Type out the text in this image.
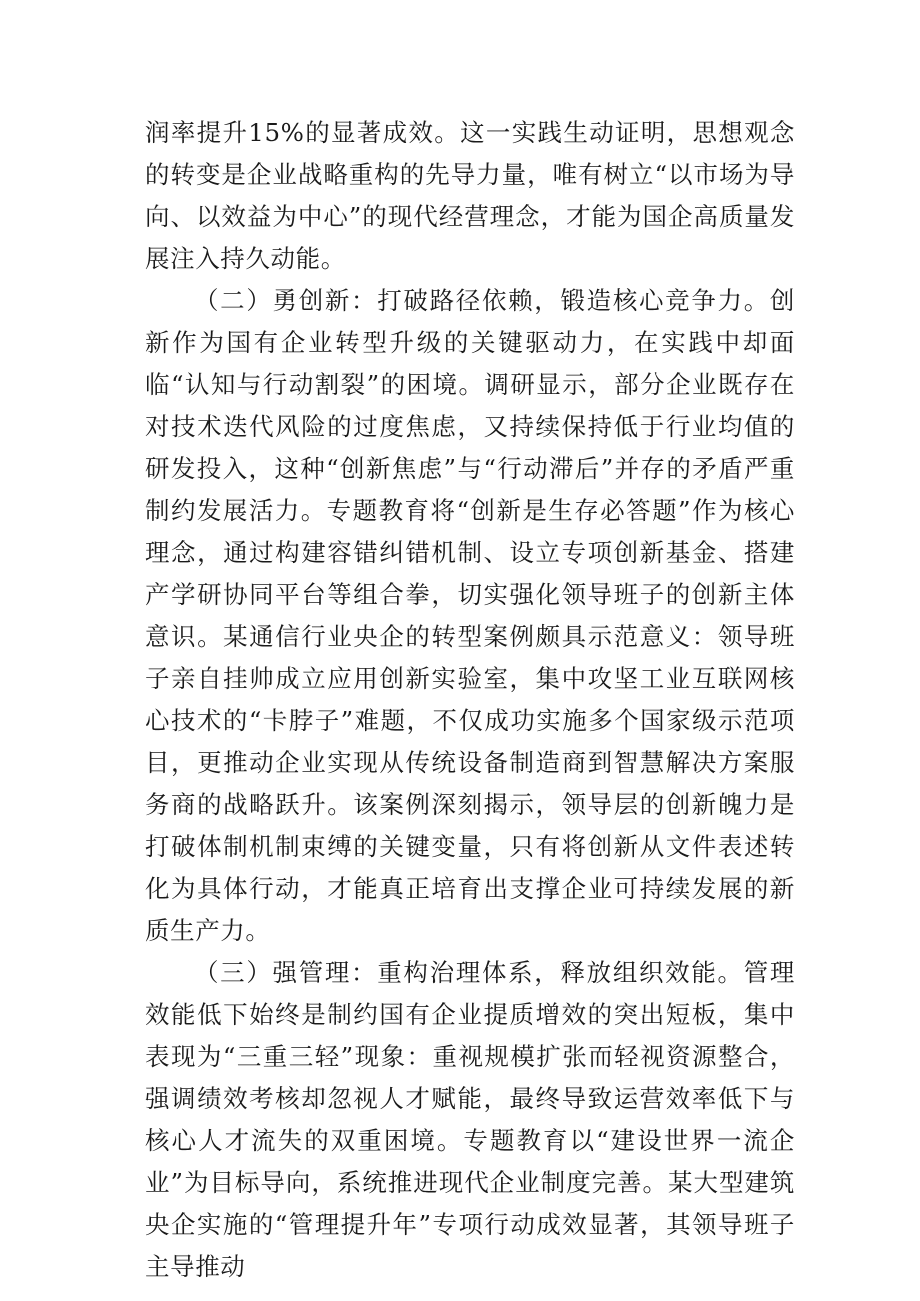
润率提升15%的显著成效。这一实践生动证明，思想观念的转变是企业战略重构的先导力量，唯有树立“以市场为导向、以效益为中心”的现代经营理念，才能为国企高质量发展注入持久动能。

（二）勇创新：打破路径依赖，锻造核心竞争力。创新作为国有企业转型升级的关键驱动力，在实践中却面临“认知与行动割裂”的困境。调研显示，部分企业既存在对技术迭代风险的过度焦虑，又持续保持低于行业均值的研发投入，这种“创新焦虑”与“行动滞后”并存的矛盾严重制约发展活力。专题教育将“创新是生存必答题”作为核心理念，通过构建容错纠错机制、设立专项创新基金、搭建产学研协同平台等组合拳，切实强化领导班子的创新主体意识。某通信行业央企的转型案例颇具示范意义：领导班子亲自挂帅成立应用创新实验室，集中攻坚工业互联网核心技术的“卡脖子”难题，不仅成功实施多个国家级示范项目，更推动企业实现从传统设备制造商到智慧解决方案服务商的战略跃升。该案例深刻揭示，领导层的创新魄力是打破体制机制束缚的关键变量，只有将创新从文件表述转化为具体行动，才能真正培育出支撑企业可持续发展的新质生产力。

（三）强管理：重构治理体系，释放组织效能。管理效能低下始终是制约国有企业提质增效的突出短板，集中表现为“三重三轻”现象：重视规模扩张而轻视资源整合，强调绩效考核却忽视人才赋能，最终导致运营效率低下与核心人才流失的双重困境。专题教育以“建设世界一流企业”为目标导向，系统推进现代企业制度完善。某大型建筑央企实施的“管理提升年”专项行动成效显著，其领导班子主导推动
